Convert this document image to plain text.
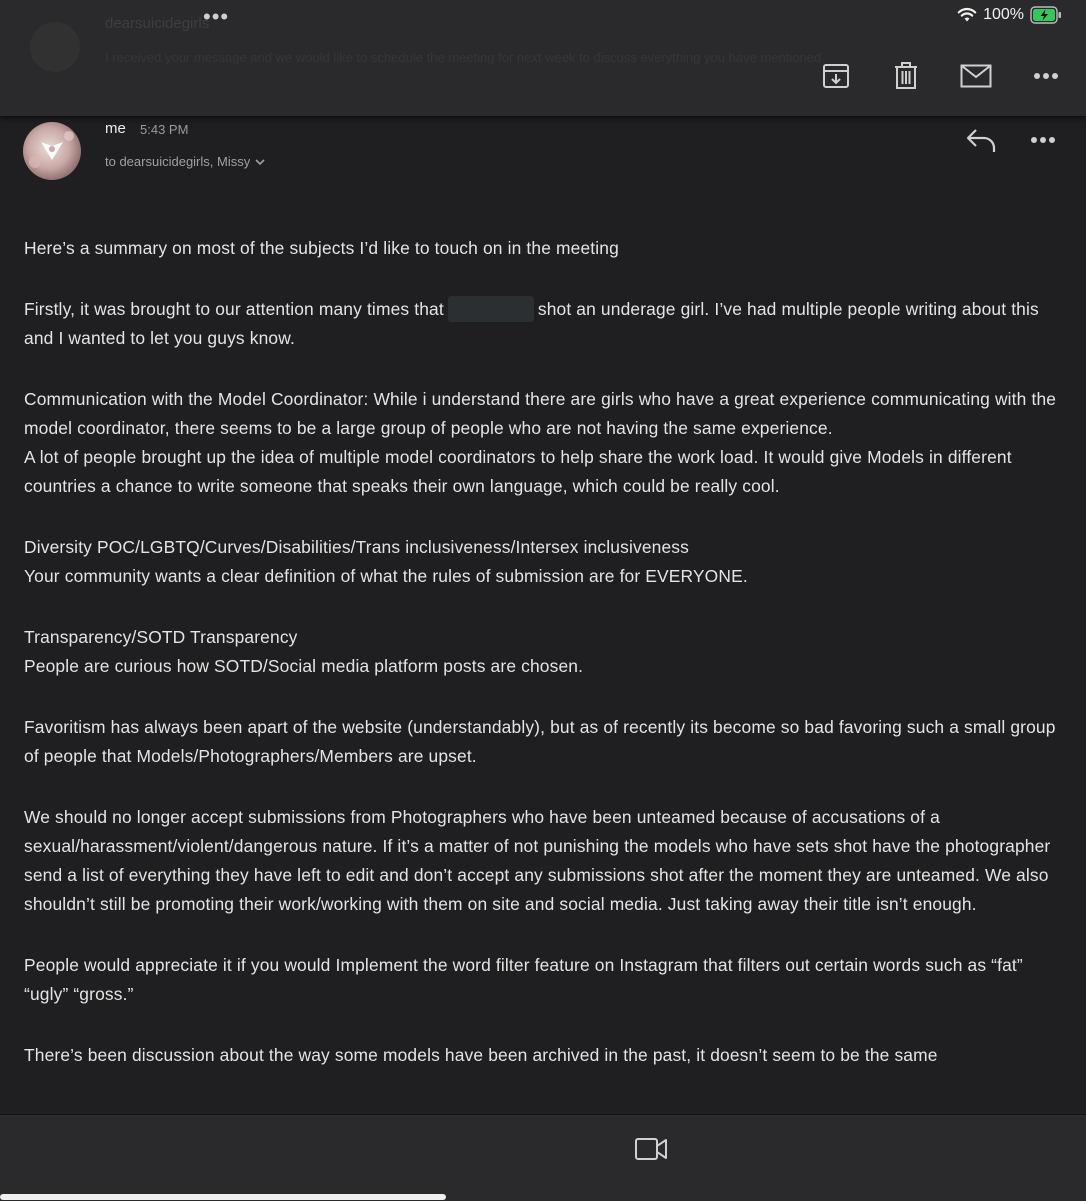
dearsuicidegirls
I received your message and we would like to schedule the meeting for next week to discuss everything you have mentioned
•••	100%
me 5:43 PM
to dearsuicidegirls, Missy

Here’s a summary on most of the subjects I’d like to touch on in the meeting

Firstly, it was brought to our attention many times that	shot an underage girl. I’ve had multiple people writing about this and I wanted to let you guys know.

Communication with the Model Coordinator: While i understand there are girls who have a great experience communicating with the model coordinator, there seems to be a large group of people who are not having the same experience.
A lot of people brought up the idea of multiple model coordinators to help share the work load. It would give Models in different countries a chance to write someone that speaks their own language, which could be really cool.

Diversity POC/LGBTQ/Curves/Disabilities/Trans inclusiveness/Intersex inclusiveness
Your community wants a clear definition of what the rules of submission are for EVERYONE.

Transparency/SOTD Transparency
People are curious how SOTD/Social media platform posts are chosen.

Favoritism has always been apart of the website (understandably), but as of recently its become so bad favoring such a small group of people that Models/Photographers/Members are upset.

We should no longer accept submissions from Photographers who have been unteamed because of accusations of a sexual/harassment/violent/dangerous nature. If it’s a matter of not punishing the models who have sets shot have the photographer send a list of everything they have left to edit and don’t accept any submissions shot after the moment they are unteamed. We also shouldn’t still be promoting their work/working with them on site and social media. Just taking away their title isn’t enough.

People would appreciate it if you would Implement the word filter feature on Instagram that filters out certain words such as “fat” “ugly” “gross.”

There’s been discussion about the way some models have been archived in the past, it doesn’t seem to be the same
